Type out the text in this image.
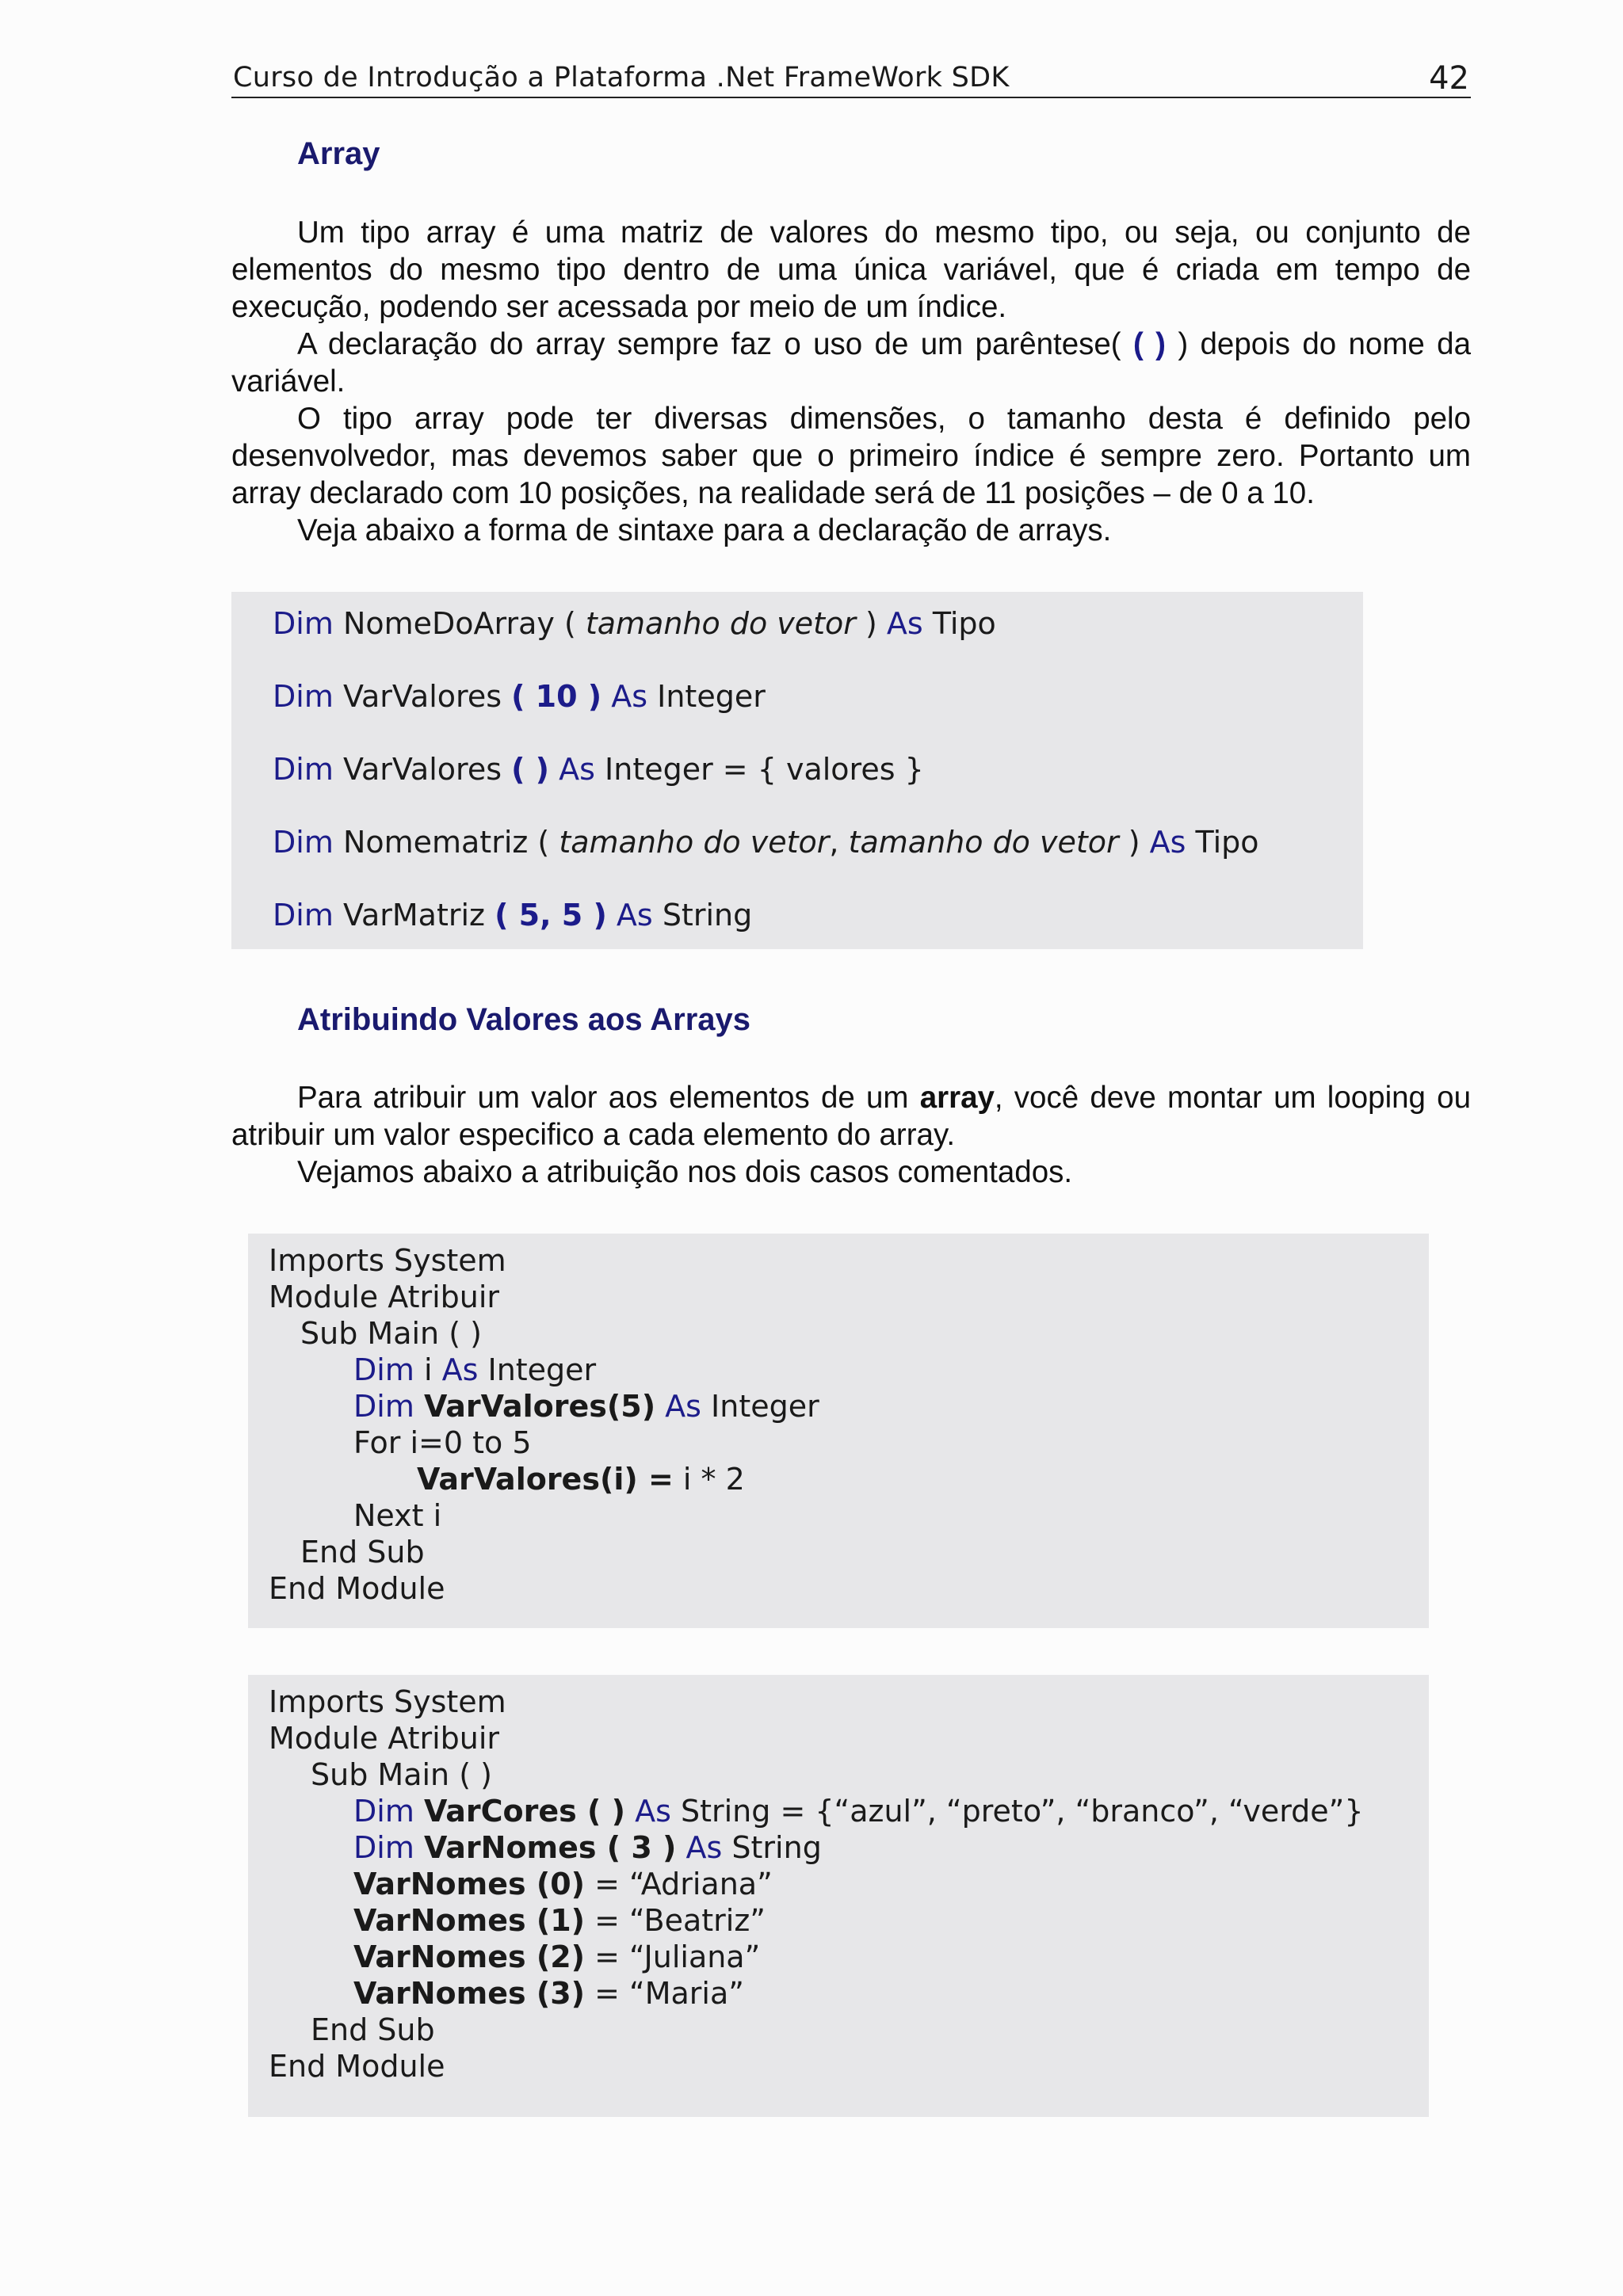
Curso de Introdução a Plataforma .Net FrameWork SDK	42
Array

Um tipo array é uma matriz de valores do mesmo tipo, ou seja, ou conjunto de elementos do mesmo tipo dentro de uma única variável, que é criada em tempo de execução, podendo ser acessada por meio de um índice.

A declaração do array sempre faz o uso de um parêntese( ( ) ) depois do nome da variável.

O tipo array pode ter diversas dimensões, o tamanho desta é definido pelo desenvolvedor, mas devemos saber que o primeiro índice é sempre zero. Portanto um array declarado com 10 posições, na realidade será de 11 posições – de 0 a 10.

Veja abaixo a forma de sintaxe para a declaração de arrays.

Dim NomeDoArray ( tamanho do vetor ) As Tipo
Dim VarValores ( 10 ) As Integer
Dim VarValores ( ) As Integer = { valores }
Dim Nomematriz ( tamanho do vetor, tamanho do vetor ) As Tipo
Dim VarMatriz ( 5, 5 ) As String
Atribuindo Valores aos Arrays

Para atribuir um valor aos elementos de um array, você deve montar um looping ou atribuir um valor especifico a cada elemento do array.

Vejamos abaixo a atribuição nos dois casos comentados.

Imports System
Module Atribuir
Sub Main ( )
Dim i As Integer
Dim VarValores(5) As Integer
For i=0 to 5
VarValores(i) = i * 2
Next i
End Sub
End Module
Imports System
Module Atribuir
Sub Main ( )
Dim VarCores ( ) As String = {“azul”, “preto”, “branco”, “verde”}
Dim VarNomes ( 3 ) As String
VarNomes (0) = “Adriana”
VarNomes (1) = “Beatriz”
VarNomes (2) = “Juliana”
VarNomes (3) = “Maria”
End Sub
End Module
